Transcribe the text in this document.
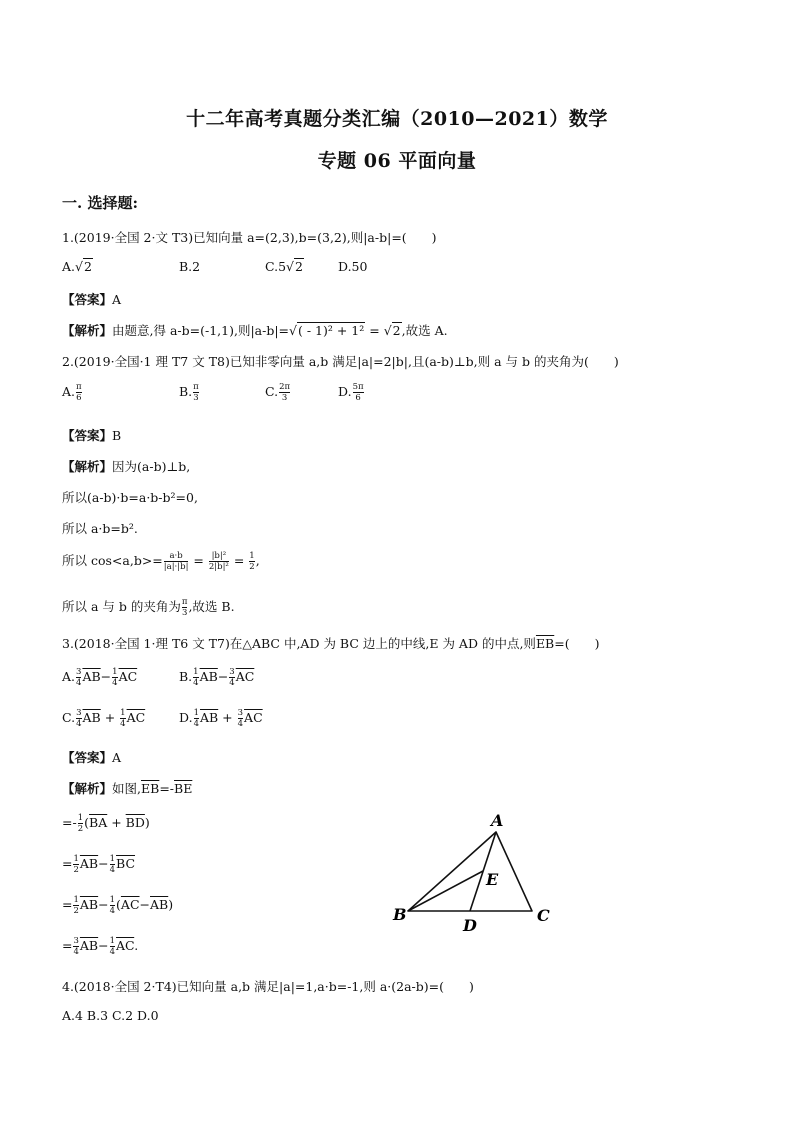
十二年高考真题分类汇编（2010—2021）数学
专题 06 平面向量
一. 选择题:
1.(2019·全国 2·文 T3)已知向量 a=(2,3),b=(3,2),则|a-b|=(　　)
A.√2	B.2	C.5√2	D.50
【答案】A
【解析】由题意,得 a-b=(-1,1),则|a-b|=√( - 1)² + 1² = √2,故选 A.
2.(2019·全国·1 理 T7 文 T8)已知非零向量 a,b 满足|a|=2|b|,且(a-b)⊥b,则 a 与 b 的夹角为(　　)
A. $\frac{\pi}{6}$	B. $\frac{\pi}{3}$	C. $\frac{2\pi}{3}$	D. $\frac{5\pi}{6}$
【答案】B
【解析】因为(a-b)⊥b,
所以(a-b)·b=a·b-b²=0,
所以 a·b=b².
所以 $\cos<a,b>= \frac{a\cdot b}{|a|\cdot|b|} = \frac{\text{|b|²}}{\text{2|b|²}} = \frac{1}{2}$ ,
所以 a 与 b 的夹角为 $\frac{\pi}{3}$ ,故选 B.
3.(2018·全国 1·理 T6 文 T7)在△ABC 中,AD 为 BC 边上的中线,E 为 AD 的中点,则$\overline{EB}=$(　　)
A. $\frac{3}{4} \overline{AB}- \frac{1}{4} \overline{AC}$	B. $\frac{1}{4} \overline{AB}- \frac{3}{4} \overline{AC}$
C. $\frac{3}{4} \overline{AB} + \frac{1}{4} \overline{AC}$	D. $\frac{1}{4} \overline{AB} + \frac{3}{4} \overline{AC}$
【答案】A
【解析】如图$,\overline{EB}=-\overline{BE}$
=- $\frac{1}{2} (\overline{BA} + \overline{BD})$
= $\frac{1}{2} \overline{AB}- \frac{1}{4} \overline{BC}$
= $\frac{1}{2} \overline{AB}- \frac{1}{4} (\overline{AC}-\overline{AB})$
= $\frac{3}{4} \overline{AB}- \frac{1}{4} \overline{AC}$.
A
B	C
D
E
4.(2018·全国 2·T4)已知向量 a,b 满足|a|=1,a·b=-1,则 a·(2a-b)=(　　)
A.4 B.3 C.2 D.0
